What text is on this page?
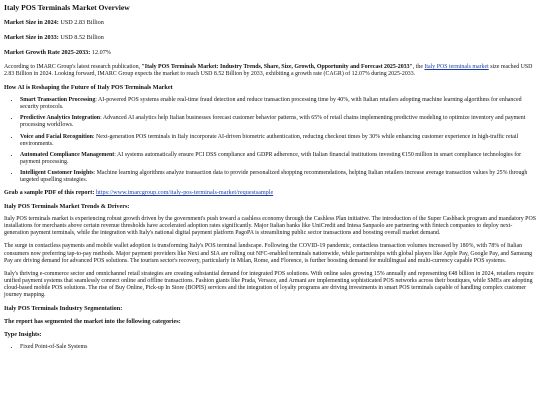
Italy POS Terminals Market Overview
Market Size in 2024: USD 2.83 Billion
Market Size in 2033: USD 8.52 Billion
Market Growth Rate 2025-2033: 12.07%

According to IMARC Group's latest research publication, "Italy POS Terminals Market: Industry Trends, Share, Size, Growth, Opportunity and Forecast 2025-2033", the Italy POS terminals market size reached USD 2.83 Billion in 2024. Looking forward, IMARC Group expects the market to reach USD 8.52 Billion by 2033, exhibiting a growth rate (CAGR) of 12.07% during 2025-2033.

How AI is Reshaping the Future of Italy POS Terminals Market
• Smart Transaction Processing: AI-powered POS systems enable real-time fraud detection and reduce transaction processing time by 40%, with Italian retailers adopting machine learning algorithms for enhanced security protocols.
• Predictive Analytics Integration: Advanced AI analytics help Italian businesses forecast customer behavior patterns, with 65% of retail chains implementing predictive modeling to optimize inventory and payment processing workflows.
• Voice and Facial Recognition: Next-generation POS terminals in Italy incorporate AI-driven biometric authentication, reducing checkout times by 30% while enhancing customer experience in high-traffic retail environments.
• Automated Compliance Management: AI systems automatically ensure PCI DSS compliance and GDPR adherence, with Italian financial institutions investing €150 million in smart compliance technologies for payment processing.
• Intelligent Customer Insights: Machine learning algorithms analyze transaction data to provide personalized shopping recommendations, helping Italian retailers increase average transaction values by 25% through targeted upselling strategies.
Grab a sample PDF of this report: https://www.imarcgroup.com/italy-pos-terminals-market/requestsample
Italy POS Terminals Market Trends & Drivers:

Italy POS terminals market is experiencing robust growth driven by the government's push toward a cashless economy through the Cashless Plan initiative. The introduction of the Super Cashback program and mandatory POS installations for merchants above certain revenue thresholds have accelerated adoption rates significantly. Major Italian banks like UniCredit and Intesa Sanpaolo are partnering with fintech companies to deploy next-generation payment terminals, while the integration with Italy's national digital payment platform PagoPA is streamlining public sector transactions and boosting overall market demand.

The surge in contactless payments and mobile wallet adoption is transforming Italy's POS terminal landscape. Following the COVID-19 pandemic, contactless transaction volumes increased by 180%, with 78% of Italian consumers now preferring tap-to-pay methods. Major payment providers like Nexi and SIA are rolling out NFC-enabled terminals nationwide, while partnerships with global players like Apple Pay, Google Pay, and Samsung Pay are driving demand for advanced POS solutions. The tourism sector's recovery, particularly in Milan, Rome, and Florence, is further boosting demand for multilingual and multi-currency capable POS systems.

Italy's thriving e-commerce sector and omnichannel retail strategies are creating substantial demand for integrated POS solutions. With online sales growing 15% annually and representing €48 billion in 2024, retailers require unified payment systems that seamlessly connect online and offline transactions. Fashion giants like Prada, Versace, and Armani are implementing sophisticated POS networks across their boutiques, while SMEs are adopting cloud-based mobile POS solutions. The rise of Buy Online, Pick-up In Store (BOPIS) services and the integration of loyalty programs are driving investments in smart POS terminals capable of handling complex customer journey mapping.

Italy POS Terminals Industry Segmentation:
The report has segmented the market into the following categories:
Type Insights:
• Fixed Point-of-Sale Systems
